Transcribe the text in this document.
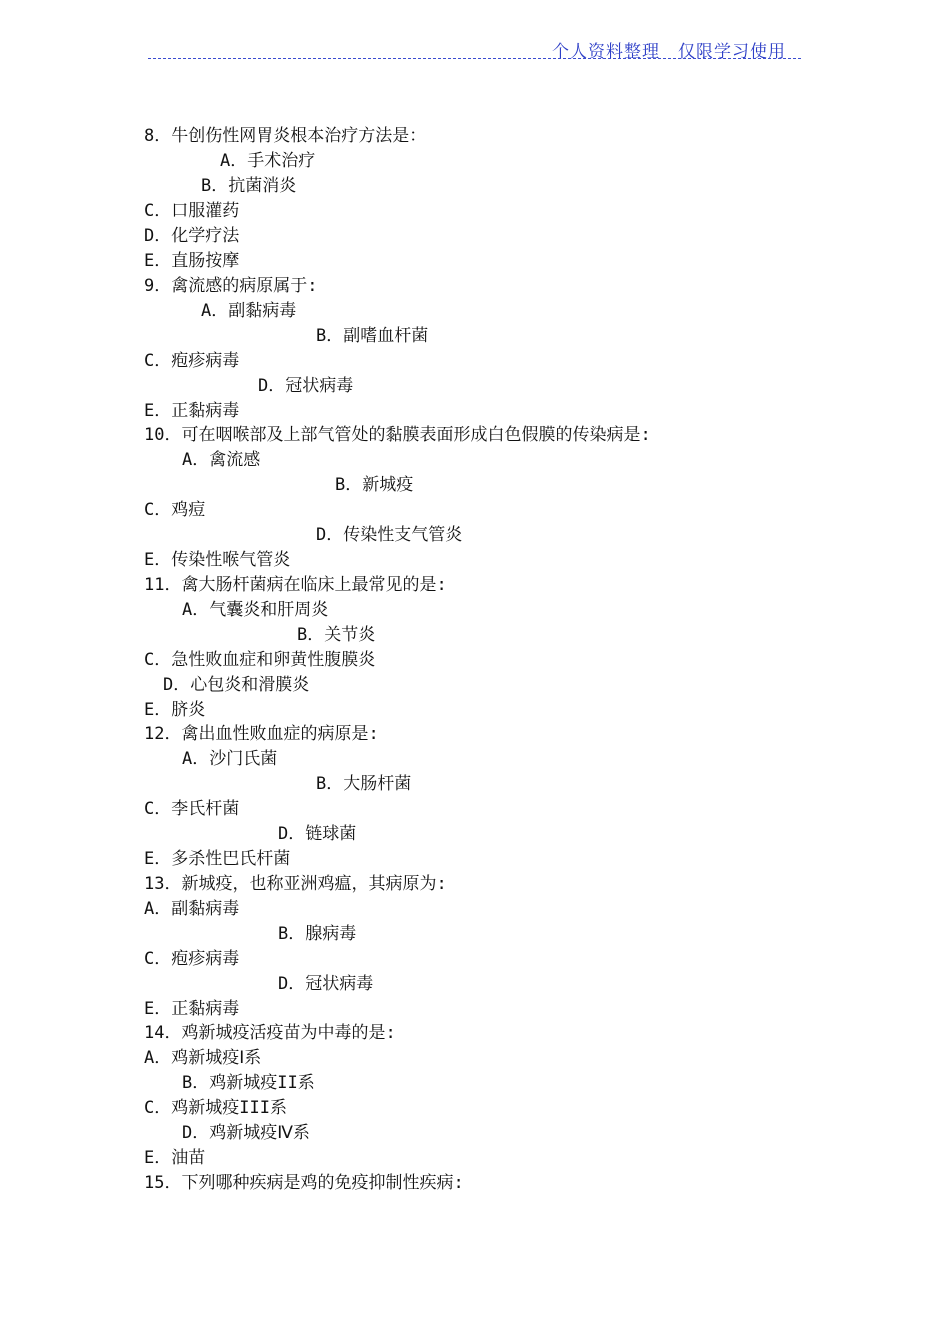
个人资料整理　仅限学习使用
8．牛创伤性网胃炎根本治疗方法是：
A．手术治疗
B．抗菌消炎
C．口服灌药
D．化学疗法
E．直肠按摩
9．禽流感的病原属于:
A．副黏病毒
B．副嗜血杆菌
C．疱疹病毒
D．冠状病毒
E．正黏病毒
10．可在咽喉部及上部气管处的黏膜表面形成白色假膜的传染病是:
A．禽流感
B．新城疫
C．鸡痘
D．传染性支气管炎
E．传染性喉气管炎
11．禽大肠杆菌病在临床上最常见的是:
A．气囊炎和肝周炎
B．关节炎
C．急性败血症和卵黄性腹膜炎
D．心包炎和滑膜炎
E．脐炎
12．禽出血性败血症的病原是:
A．沙门氏菌
B．大肠杆菌
C．李氏杆菌
D．链球菌
E．多杀性巴氏杆菌
13．新城疫，也称亚洲鸡瘟，其病原为:
A．副黏病毒
B．腺病毒
C．疱疹病毒
D．冠状病毒
E．正黏病毒
14．鸡新城疫活疫苗为中毒的是:
A．鸡新城疫Ⅰ系
B．鸡新城疫II系
C．鸡新城疫III系
D．鸡新城疫Ⅳ系
E．油苗
15．下列哪种疾病是鸡的免疫抑制性疾病:
